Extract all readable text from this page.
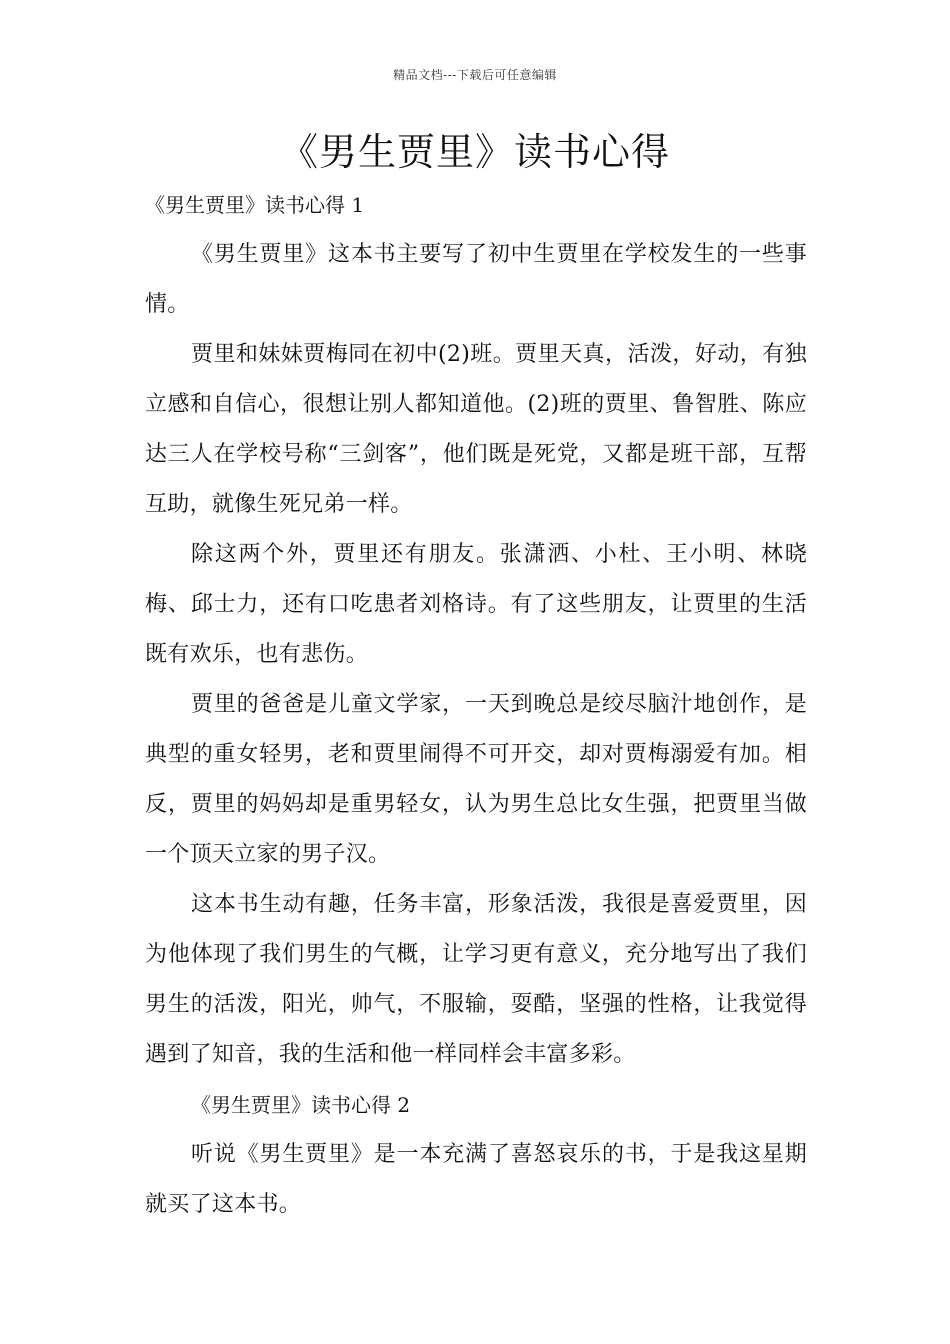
精品文档---下载后可任意编辑
《男生贾里》读书心得

《男生贾里》读书心得 1

《男生贾里》这本书主要写了初中生贾里在学校发生的一些事情。

贾里和妹妹贾梅同在初中(2)班。贾里天真，活泼，好动，有独立感和自信心，很想让别人都知道他。(2)班的贾里、鲁智胜、陈应达三人在学校号称“三剑客”，他们既是死党，又都是班干部，互帮互助，就像生死兄弟一样。

除这两个外，贾里还有朋友。张潇洒、小杜、王小明、林晓梅、邱士力，还有口吃患者刘格诗。有了这些朋友，让贾里的生活既有欢乐，也有悲伤。

贾里的爸爸是儿童文学家，一天到晚总是绞尽脑汁地创作，是典型的重女轻男，老和贾里闹得不可开交，却对贾梅溺爱有加。相反，贾里的妈妈却是重男轻女，认为男生总比女生强，把贾里当做一个顶天立家的男子汉。

这本书生动有趣，任务丰富，形象活泼，我很是喜爱贾里，因为他体现了我们男生的气概，让学习更有意义，充分地写出了我们男生的活泼，阳光，帅气，不服输，耍酷，坚强的性格，让我觉得遇到了知音，我的生活和他一样同样会丰富多彩。

《男生贾里》读书心得 2

听说《男生贾里》是一本充满了喜怒哀乐的书，于是我这星期就买了这本书。
